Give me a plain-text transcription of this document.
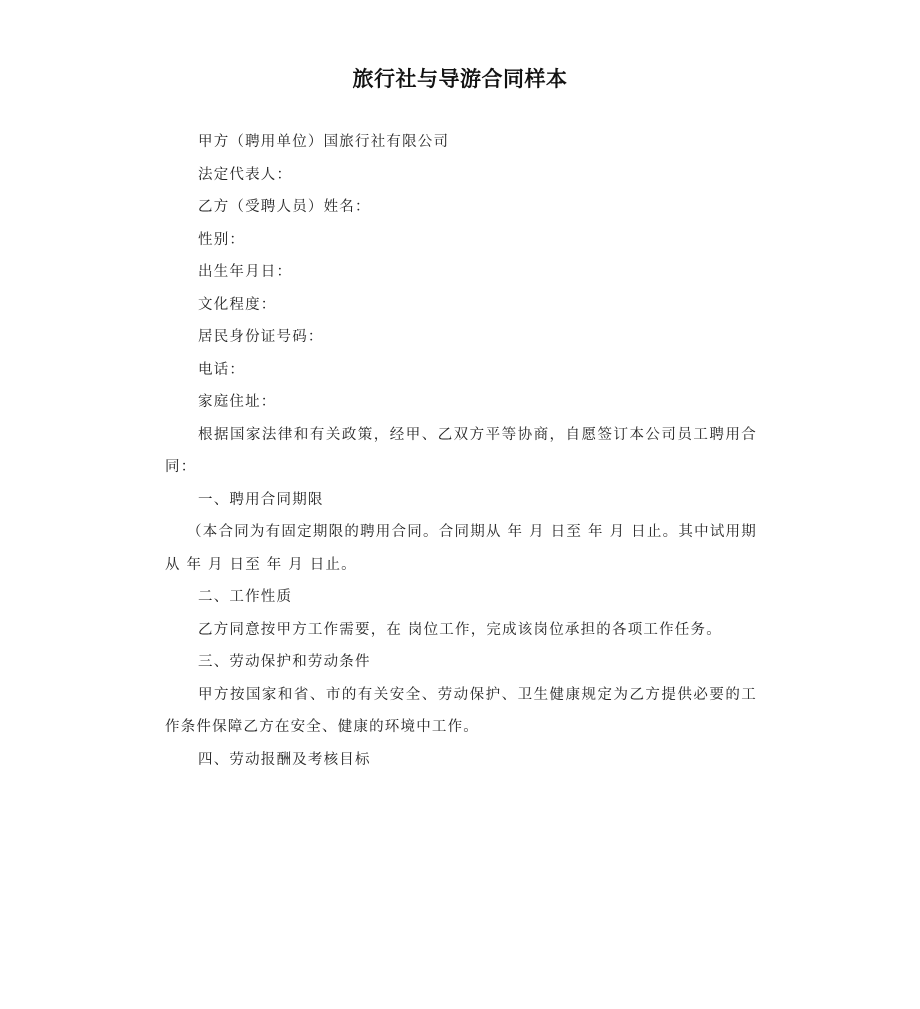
旅行社与导游合同样本

甲方（聘用单位）国旅行社有限公司

法定代表人：

乙方（受聘人员）姓名：

性别：

出生年月日：

文化程度：

居民身份证号码：

电话：

家庭住址：

根据国家法律和有关政策，经甲、乙双方平等协商，自愿签订本公司员工聘用合同：

一、聘用合同期限

（本合同为有固定期限的聘用合同。合同期从 年 月 日至 年 月 日止。其中试用期从 年 月 日至 年 月 日止。

二、工作性质

乙方同意按甲方工作需要，在 岗位工作，完成该岗位承担的各项工作任务。

三、劳动保护和劳动条件

甲方按国家和省、市的有关安全、劳动保护、卫生健康规定为乙方提供必要的工作条件保障乙方在安全、健康的环境中工作。

四、劳动报酬及考核目标
